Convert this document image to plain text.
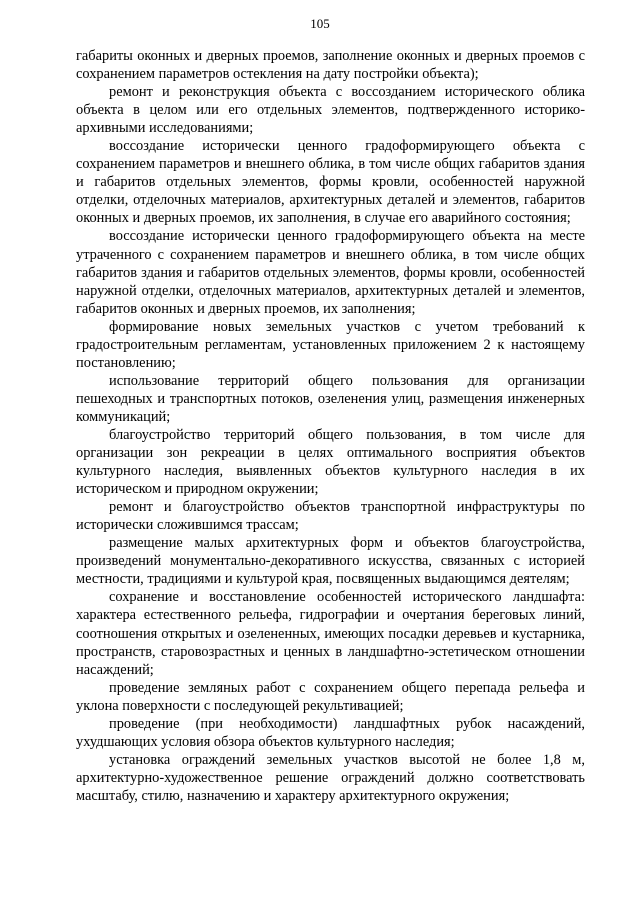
105

габариты оконных и дверных проемов, заполнение оконных и дверных проемов с сохранением параметров остекления на дату постройки объекта);

ремонт и реконструкция объекта с воссозданием исторического облика объекта в целом или его отдельных элементов, подтвержденного историко-архивными исследованиями;

воссоздание исторически ценного градоформирующего объекта с сохранением параметров и внешнего облика, в том числе общих габаритов здания и габаритов отдельных элементов, формы кровли, особенностей наружной отделки, отделочных материалов, архитектурных деталей и элементов, габаритов оконных и дверных проемов, их заполнения, в случае его аварийного состояния;

воссоздание исторически ценного градоформирующего объекта на месте утраченного с сохранением параметров и внешнего облика, в том числе общих габаритов здания и габаритов отдельных элементов, формы кровли, особенностей наружной отделки, отделочных материалов, архитектурных деталей и элементов, габаритов оконных и дверных проемов, их заполнения;

формирование новых земельных участков с учетом требований к градостроительным регламентам, установленных приложением 2 к настоящему постановлению;

использование территорий общего пользования для организации пешеходных и транспортных потоков, озеленения улиц, размещения инженерных коммуникаций;

благоустройство территорий общего пользования, в том числе для организации зон рекреации в целях оптимального восприятия объектов культурного наследия, выявленных объектов культурного наследия в их историческом и природном окружении;

ремонт и благоустройство объектов транспортной инфраструктуры по исторически сложившимся трассам;

размещение малых архитектурных форм и объектов благоустройства, произведений монументально-декоративного искусства, связанных с историей местности, традициями и культурой края, посвященных выдающимся деятелям;

сохранение и восстановление особенностей исторического ландшафта: характера естественного рельефа, гидрографии и очертания береговых линий, соотношения открытых и озелененных, имеющих посадки деревьев и кустарника, пространств, старовозрастных и ценных в ландшафтно-эстетическом отношении насаждений;

проведение земляных работ с сохранением общего перепада рельефа и уклона поверхности с последующей рекультивацией;

проведение (при необходимости) ландшафтных рубок насаждений, ухудшающих условия обзора объектов культурного наследия;

установка ограждений земельных участков высотой не более 1,8 м, архитектурно-художественное решение ограждений должно соответствовать масштабу, стилю, назначению и характеру архитектурного окружения;
